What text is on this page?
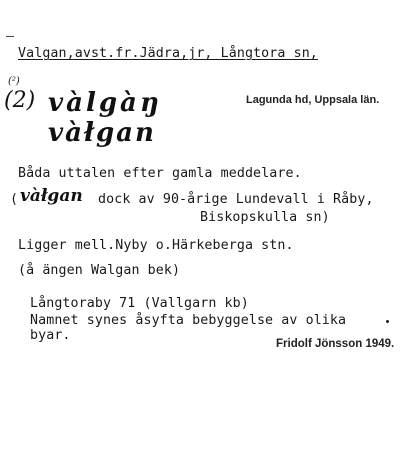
Valgan,avst.fr.Jädra,jr, Långtora sn,
(²)
(2) vàlgàŋ
vàłgan
Lagunda hd, Uppsala län.
Båda uttalen efter gamla meddelare.
( vàłgan dock av 90-årige Lundevall i Råby,
Biskopskulla sn)
Ligger mell.Nyby o.Härkeberga stn.
(å ängen Walgan bek)
Långtoraby 71 (Vallgarn kb)
Namnet synes åsyfta bebyggelse av olika
byar.
Fridolf Jönsson 1949.
